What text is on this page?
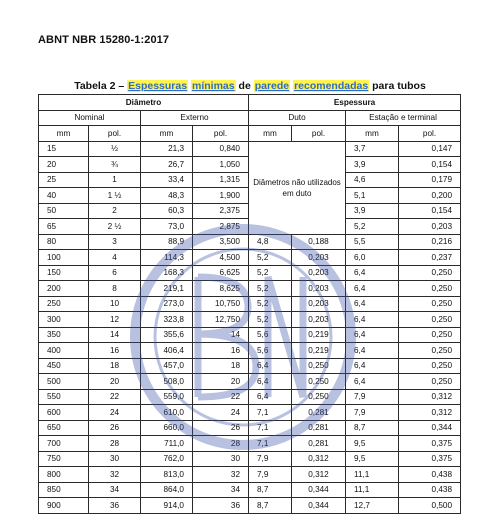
ABNT NBR 15280-1:2017
Tabela 2 – Espessuras mínimas de parede recomendadas para tubos
Diâmetro				Espessura			
Nominal		Externo		Duto		Estação e terminal	
mm	pol.	mm	pol.	mm	pol.	mm	pol.
15	½	21,3	0,840	Diâmetros não utilizados em duto		3,7	0,147
20	¾	26,7	1,050			3,9	0,154
25	1	33,4	1,315			4,6	0,179
40	1 ½	48,3	1,900			5,1	0,200
50	2	60,3	2,375			3,9	0,154
65	2 ½	73,0	2,875			5,2	0,203
80	3	88,9	3,500	4,8	0,188	5,5	0,216
100	4	114,3	4,500	5,2	0,203	6,0	0,237
150	6	168,3	6,625	5,2	0,203	6,4	0,250
200	8	219,1	8,625	5,2	0,203	6,4	0,250
250	10	273,0	10,750	5,2	0,203	6,4	0,250
300	12	323,8	12,750	5,2	0,203	6,4	0,250
350	14	355,6	14	5,6	0,219	6,4	0,250
400	16	406,4	16	5,6	0,219	6,4	0,250
450	18	457,0	18	6,4	0,250	6,4	0,250
500	20	508,0	20	6,4	0,250	6,4	0,250
550	22	559,0	22	6,4	0,250	7,9	0,312
600	24	610,0	24	7,1	0,281	7,9	0,312
650	26	660,0	26	7,1	0,281	8,7	0,344
700	28	711,0	28	7,1	0,281	9,5	0,375
750	30	762,0	30	7,9	0,312	9,5	0,375
800	32	813,0	32	7,9	0,312	11,1	0,438
850	34	864,0	34	8,7	0,344	11,1	0,438
900	36	914,0	36	8,7	0,344	12,7	0,500
